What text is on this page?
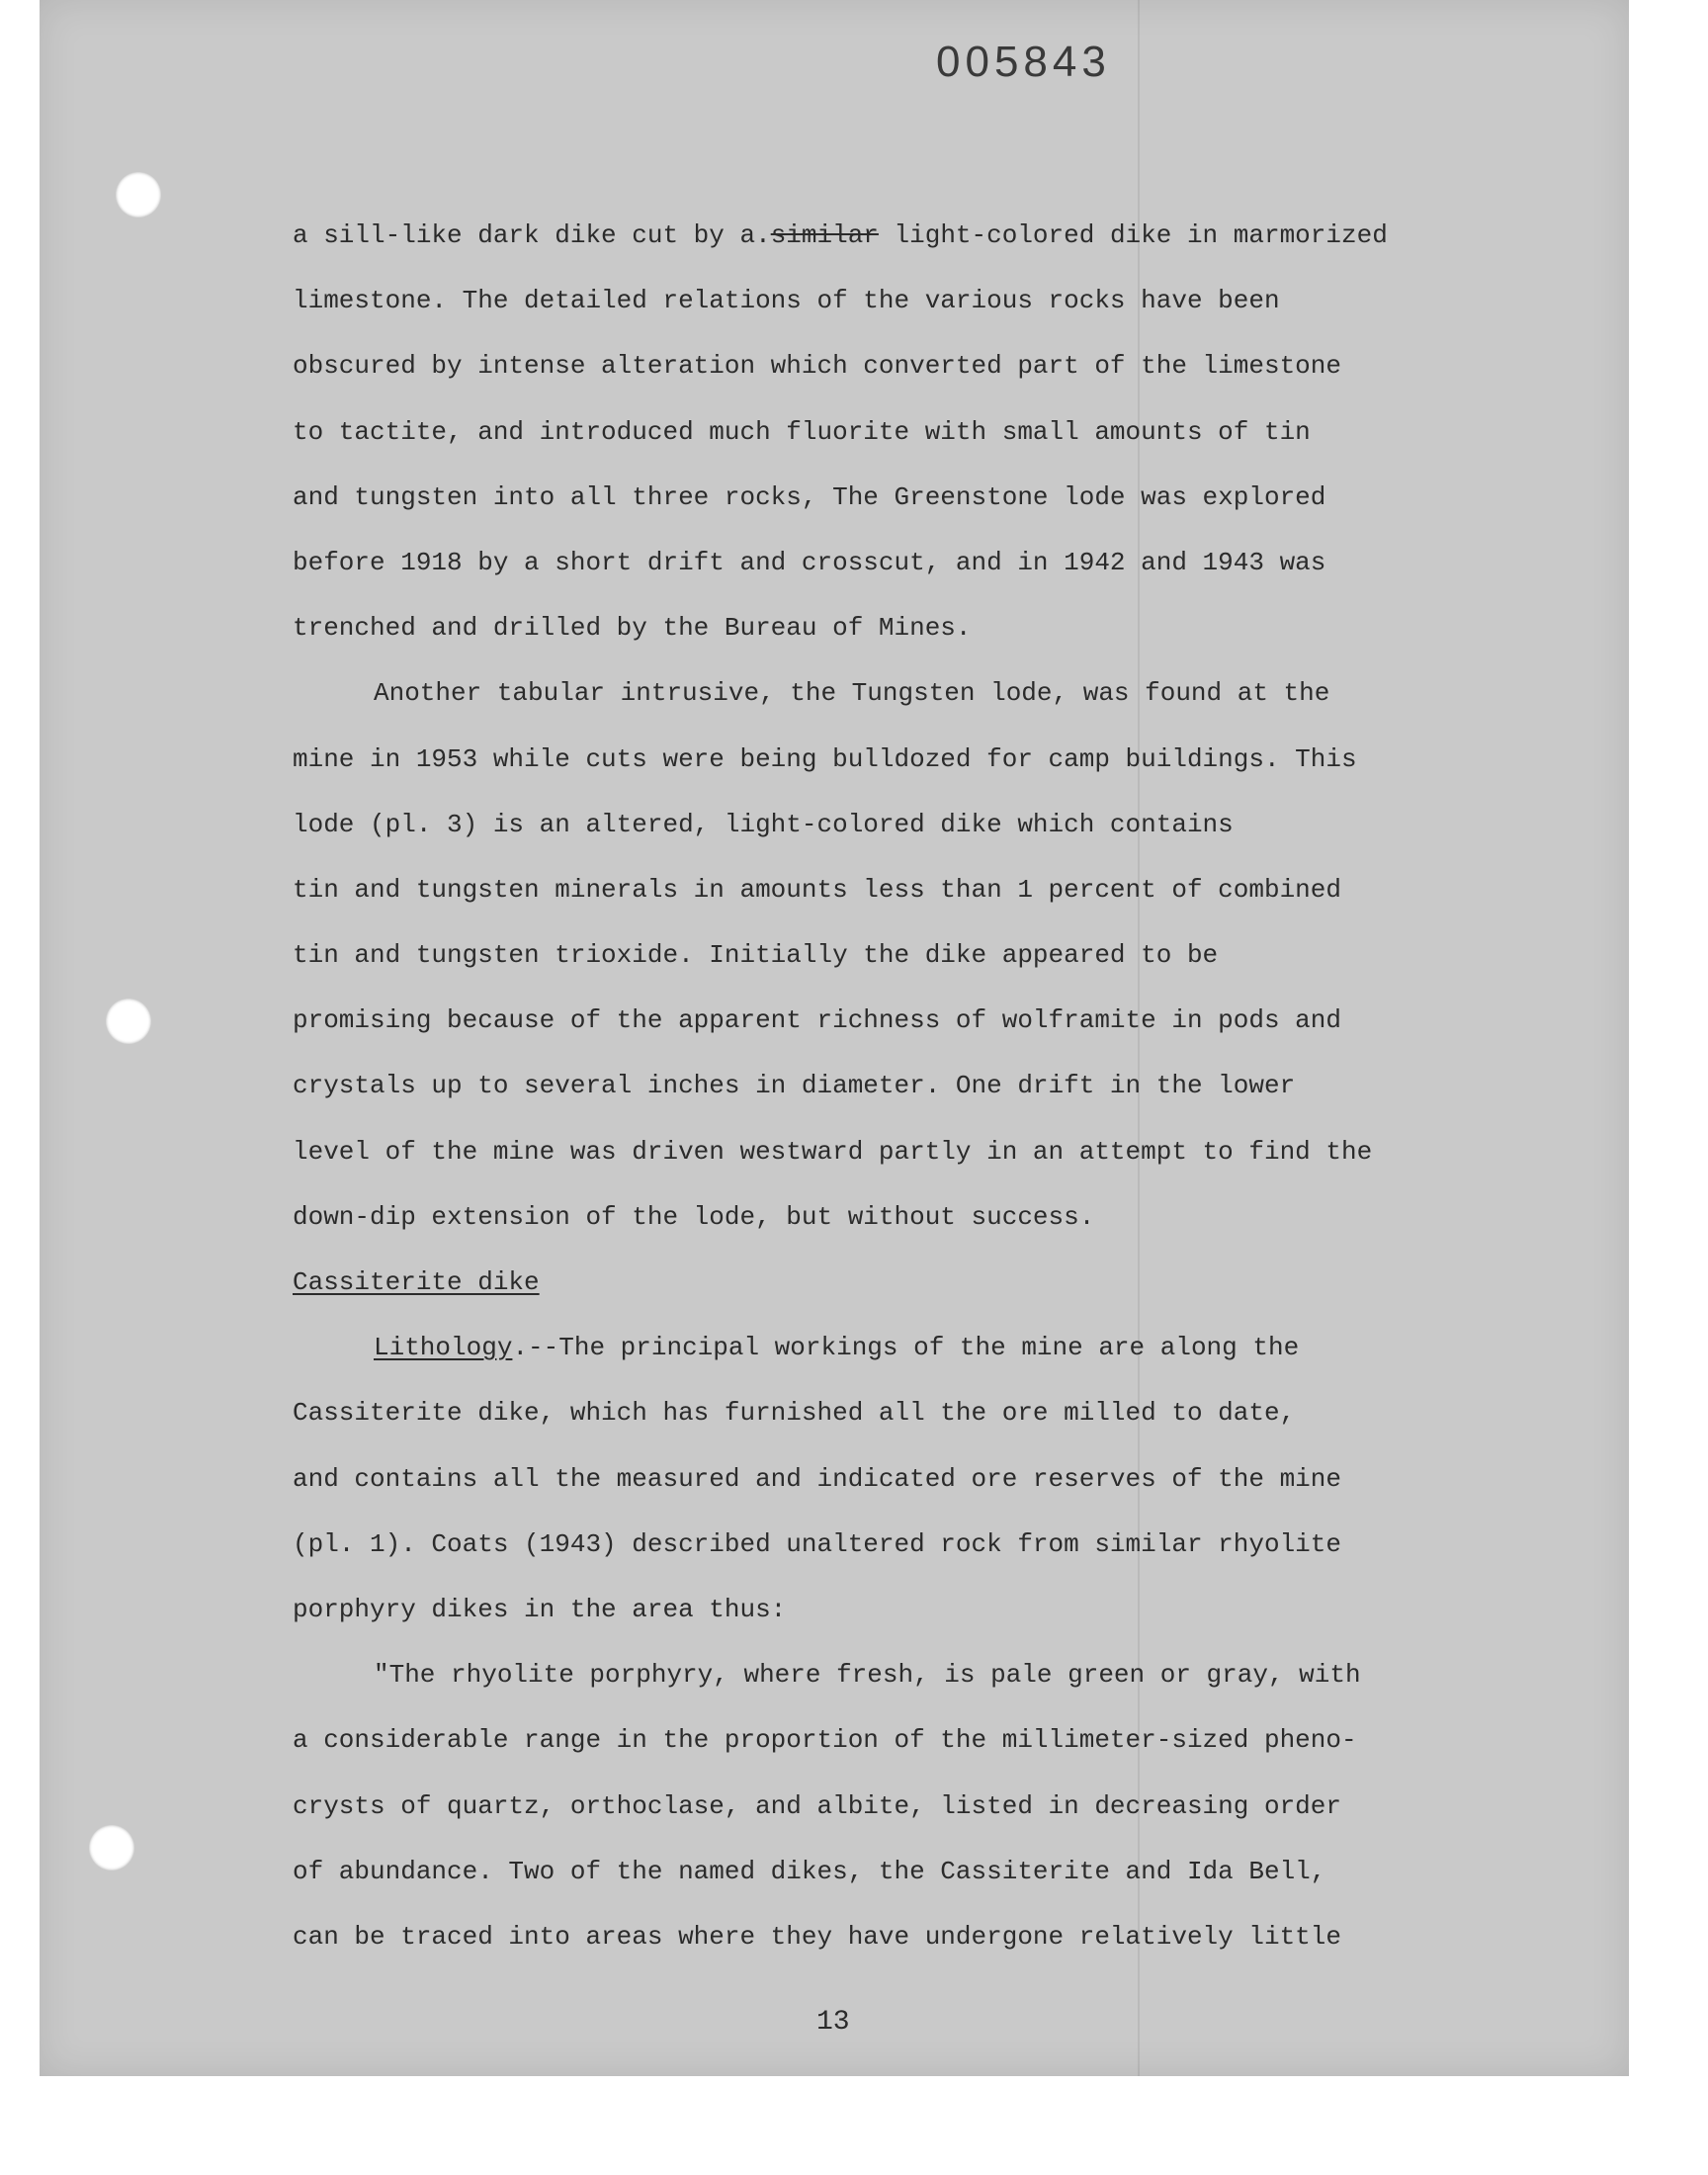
005843
a sill-like dark dike cut by a.similar light-colored dike in marmorized
limestone. The detailed relations of the various rocks have been
obscured by intense alteration which converted part of the limestone
to tactite, and introduced much fluorite with small amounts of tin
and tungsten into all three rocks, The Greenstone lode was explored
before 1918 by a short drift and crosscut, and in 1942 and 1943 was
trenched and drilled by the Bureau of Mines.
Another tabular intrusive, the Tungsten lode, was found at the
mine in 1953 while cuts were being bulldozed for camp buildings. This
lode (pl. 3) is an altered, light-colored dike which contains
tin and tungsten minerals in amounts less than 1 percent of combined
tin and tungsten trioxide. Initially the dike appeared to be
promising because of the apparent richness of wolframite in pods and
crystals up to several inches in diameter. One drift in the lower
level of the mine was driven westward partly in an attempt to find the
down-dip extension of the lode, but without success.
Cassiterite dike
Lithology.--The principal workings of the mine are along the
Cassiterite dike, which has furnished all the ore milled to date,
and contains all the measured and indicated ore reserves of the mine
(pl. 1). Coats (1943) described unaltered rock from similar rhyolite
porphyry dikes in the area thus:
"The rhyolite porphyry, where fresh, is pale green or gray, with
a considerable range in the proportion of the millimeter-sized pheno-
crysts of quartz, orthoclase, and albite, listed in decreasing order
of abundance. Two of the named dikes, the Cassiterite and Ida Bell,
can be traced into areas where they have undergone relatively little
13
